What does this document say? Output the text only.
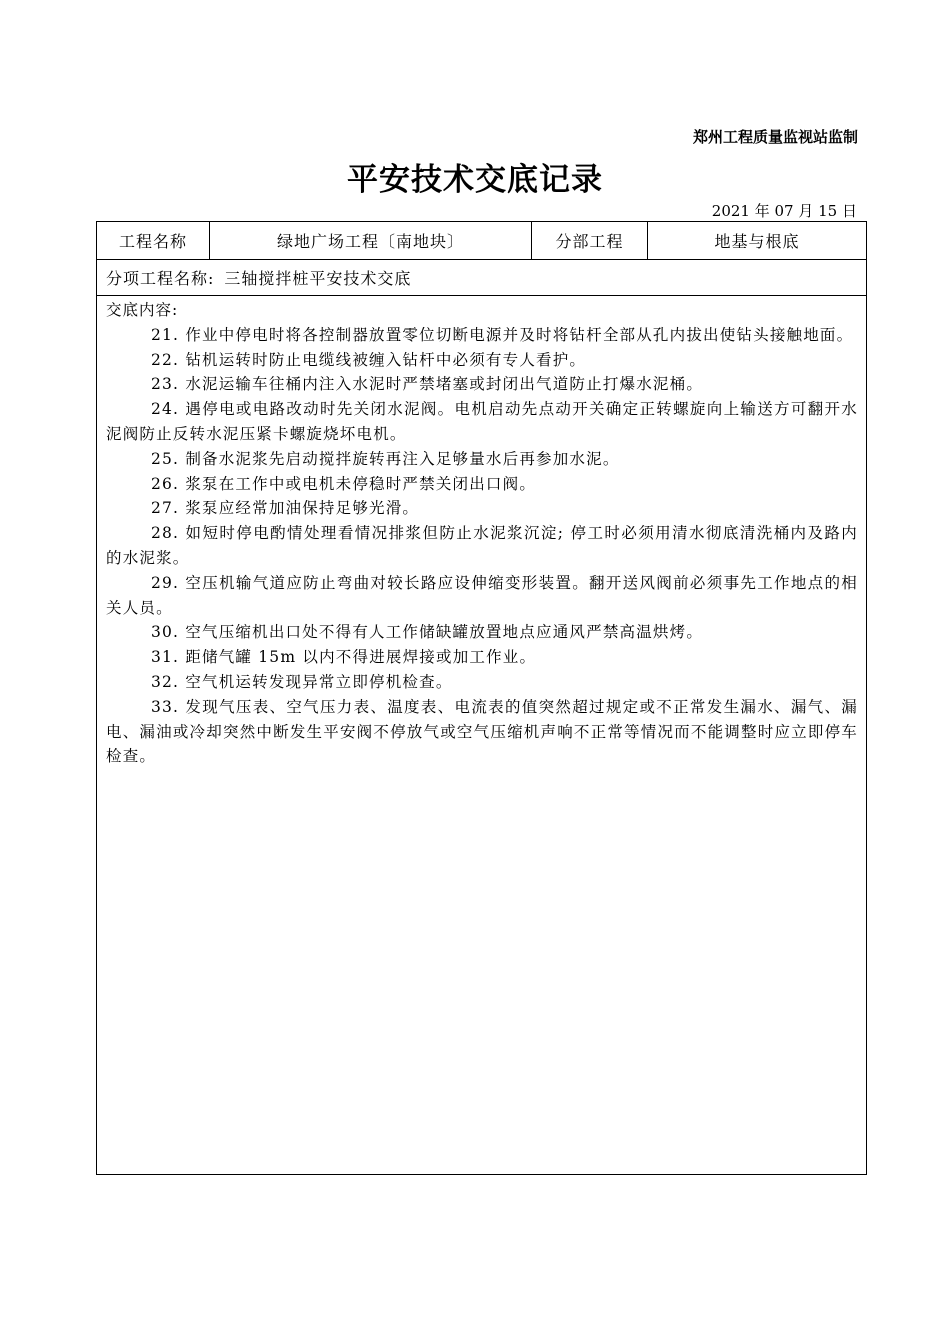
郑州工程质量监视站监制
平安技术交底记录
2021 年 07 月 15 日
工程名称	绿地广场工程〔南地块〕	分部工程	地基与根底
分项工程名称: 三轴搅拌桩平安技术交底
交底内容:

21. 作业中停电时将各控制器放置零位切断电源并及时将钻杆全部从孔内拔出使钻头接触地面。

22. 钻机运转时防止电缆线被缠入钻杆中必须有专人看护。

23. 水泥运输车往桶内注入水泥时严禁堵塞或封闭出气道防止打爆水泥桶。

24. 遇停电或电路改动时先关闭水泥阀。电机启动先点动开关确定正转螺旋向上输送方可翻开水泥阀防止反转水泥压紧卡螺旋烧坏电机。

25. 制备水泥浆先启动搅拌旋转再注入足够量水后再参加水泥。

26. 浆泵在工作中或电机未停稳时严禁关闭出口阀。

27. 浆泵应经常加油保持足够光滑。

28. 如短时停电酌情处理看情况排浆但防止水泥浆沉淀; 停工时必须用清水彻底清洗桶内及路内的水泥浆。

29. 空压机输气道应防止弯曲对较长路应设伸缩变形装置。翻开送风阀前必须事先工作地点的相关人员。

30. 空气压缩机出口处不得有人工作储缺罐放置地点应通风严禁高温烘烤。

31. 距储气罐 15m 以内不得进展焊接或加工作业。

32. 空气机运转发现异常立即停机检查。

33. 发现气压表、空气压力表、温度表、电流表的值突然超过规定或不正常发生漏水、漏气、漏电、漏油或冷却突然中断发生平安阀不停放气或空气压缩机声响不正常等情况而不能调整时应立即停车检查。
